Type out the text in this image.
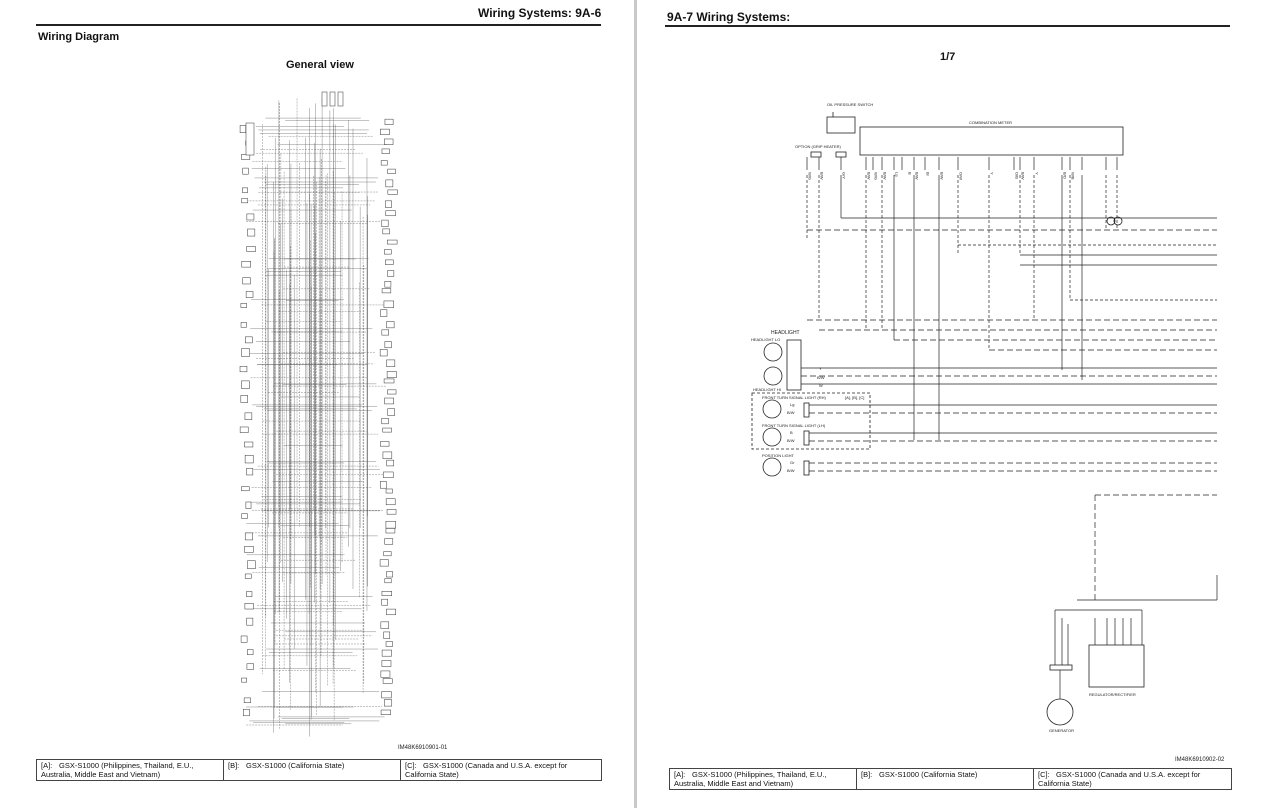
Wiring Systems: 9A-6
Wiring Diagram
General view
IM48K6910901-01
[A]: GSX-S1000 (Philippines, Thailand, E.U., Australia, Middle East and Vietnam)	[B]: GSX-S1000 (California State)	[C]: GSX-S1000 (Canada and U.S.A. except for California State)
9A-7 Wiring Systems:
1/7
OIL PRESSURE SWITCH
OPTION (GRIP HEATER)
COMBINATION METER
HEADLIGHT
HEADLIGHT LO
HEADLIGHT HI
FRONT TURN SIGNAL LIGHT (RH)	[A], [B], [C]
FRONT TURN SIGNAL LIGHT (LH)
POSITION LIGHT
REGULATOR/RECTIFIER
GENERATOR
Y
B/W
W
Lg
B/W
B
B/W
Gr
B/W
W/G B/W	G/Y	B/W W/G B/W Lg B B/W Bl B/W	O/W	Y	O/B B/W Y	B/O W/B
IM48K6910902-02
[A]: GSX-S1000 (Philippines, Thailand, E.U., Australia, Middle East and Vietnam)	[B]: GSX-S1000 (California State)	[C]: GSX-S1000 (Canada and U.S.A. except for California State)
